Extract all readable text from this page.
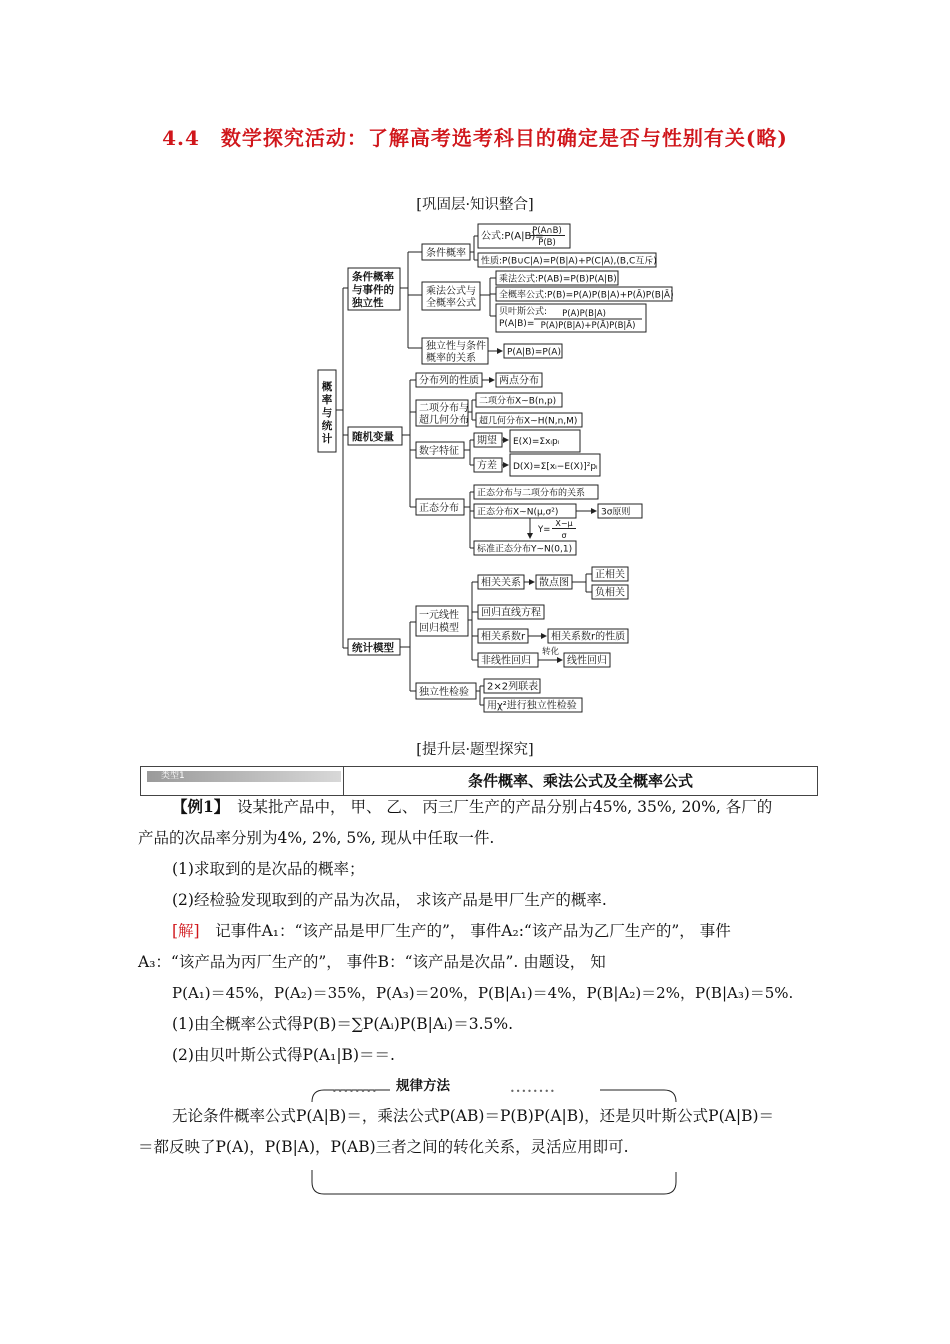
4.4　数学探究活动：了解高考选考科目的确定是否与性别有关(略)
[巩固层·知识整合]
概率与统计
条件概率 与事件的 独立性
条件概率
公式:P(A|B)=
P(A∩B)
P(B)
性质:P(B∪C|A)=P(B|A)+P(C|A),(B,C互斥)
乘法公式与 全概率公式
乘法公式:P(AB)=P(B)P(A|B)
全概率公式:P(B)=P(A)P(B|A)+P(Ā)P(B|Ā)
贝叶斯公式:
P(A|B)=
P(A)P(B|A)
P(A)P(B|A)+P(Ā)P(B|Ā)
独立性与条件 概率的关系
P(A|B)=P(A)
随机变量
分布列的性质 两点分布
二项分布与 超几何分布
二项分布X~B(n,p)
超几何分布X~H(N,n,M)
数字特征
期望 E(X)=Σxᵢpᵢ
方差 D(X)=Σ[xᵢ−E(X)]²pᵢ
正态分布
正态分布与二项分布的关系
正态分布X~N(μ,σ²)	3σ原则
Y=
X−μ
σ
标准正态分布Y~N(0,1)
统计模型
一元线性 回归模型
相关关系 散点图
正相关
负相关
回归直线方程
相关系数r	相关系数r的性质
非线性回归
转化
线性回归
独立性检验 2×2列联表
用χ²进行独立性检验
[提升层·题型探究]
类型1	条件概率、乘法公式及全概率公式
【例1】　设某批产品中， 甲、 乙、 丙三厂生产的产品分别占45%, 35%, 20%, 各厂的
产品的次品率分别为4%, 2%, 5%, 现从中任取一件.
(1)求取到的是次品的概率；
(2)经检验发现取到的产品为次品， 求该产品是甲厂生产的概率.
[解]　记事件A₁：“该产品是甲厂生产的”， 事件A₂:“该产品为乙厂生产的”， 事件
A₃：“该产品为丙厂生产的”， 事件B：“该产品是次品”. 由题设， 知
P(A₁)＝45%，P(A₂)＝35%，P(A₃)＝20%，P(B|A₁)＝4%，P(B|A₂)＝2%，P(B|A₃)＝5%.
(1)由全概率公式得P(B)＝∑P(Aᵢ)P(B|Aᵢ)＝3.5%.
(2)由贝叶斯公式得P(A₁|B)＝＝.
••••••••	••••••••
规律方法
无论条件概率公式P(A|B)＝，乘法公式P(AB)＝P(B)P(A|B)，还是贝叶斯公式P(A|B)＝
＝都反映了P(A)，P(B|A)，P(AB)三者之间的转化关系，灵活应用即可.
